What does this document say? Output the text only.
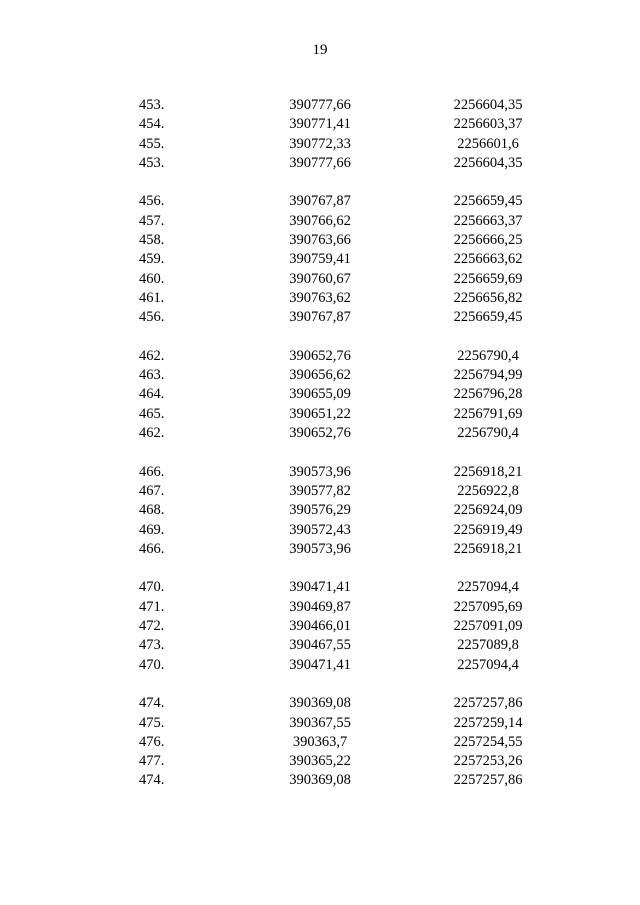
19
453.	390777,66	2256604,35
454.	390771,41	2256603,37
455.	390772,33	2256601,6
453.	390777,66	2256604,35
456.	390767,87	2256659,45
457.	390766,62	2256663,37
458.	390763,66	2256666,25
459.	390759,41	2256663,62
460.	390760,67	2256659,69
461.	390763,62	2256656,82
456.	390767,87	2256659,45
462.	390652,76	2256790,4
463.	390656,62	2256794,99
464.	390655,09	2256796,28
465.	390651,22	2256791,69
462.	390652,76	2256790,4
466.	390573,96	2256918,21
467.	390577,82	2256922,8
468.	390576,29	2256924,09
469.	390572,43	2256919,49
466.	390573,96	2256918,21
470.	390471,41	2257094,4
471.	390469,87	2257095,69
472.	390466,01	2257091,09
473.	390467,55	2257089,8
470.	390471,41	2257094,4
474.	390369,08	2257257,86
475.	390367,55	2257259,14
476.	390363,7	2257254,55
477.	390365,22	2257253,26
474.	390369,08	2257257,86
